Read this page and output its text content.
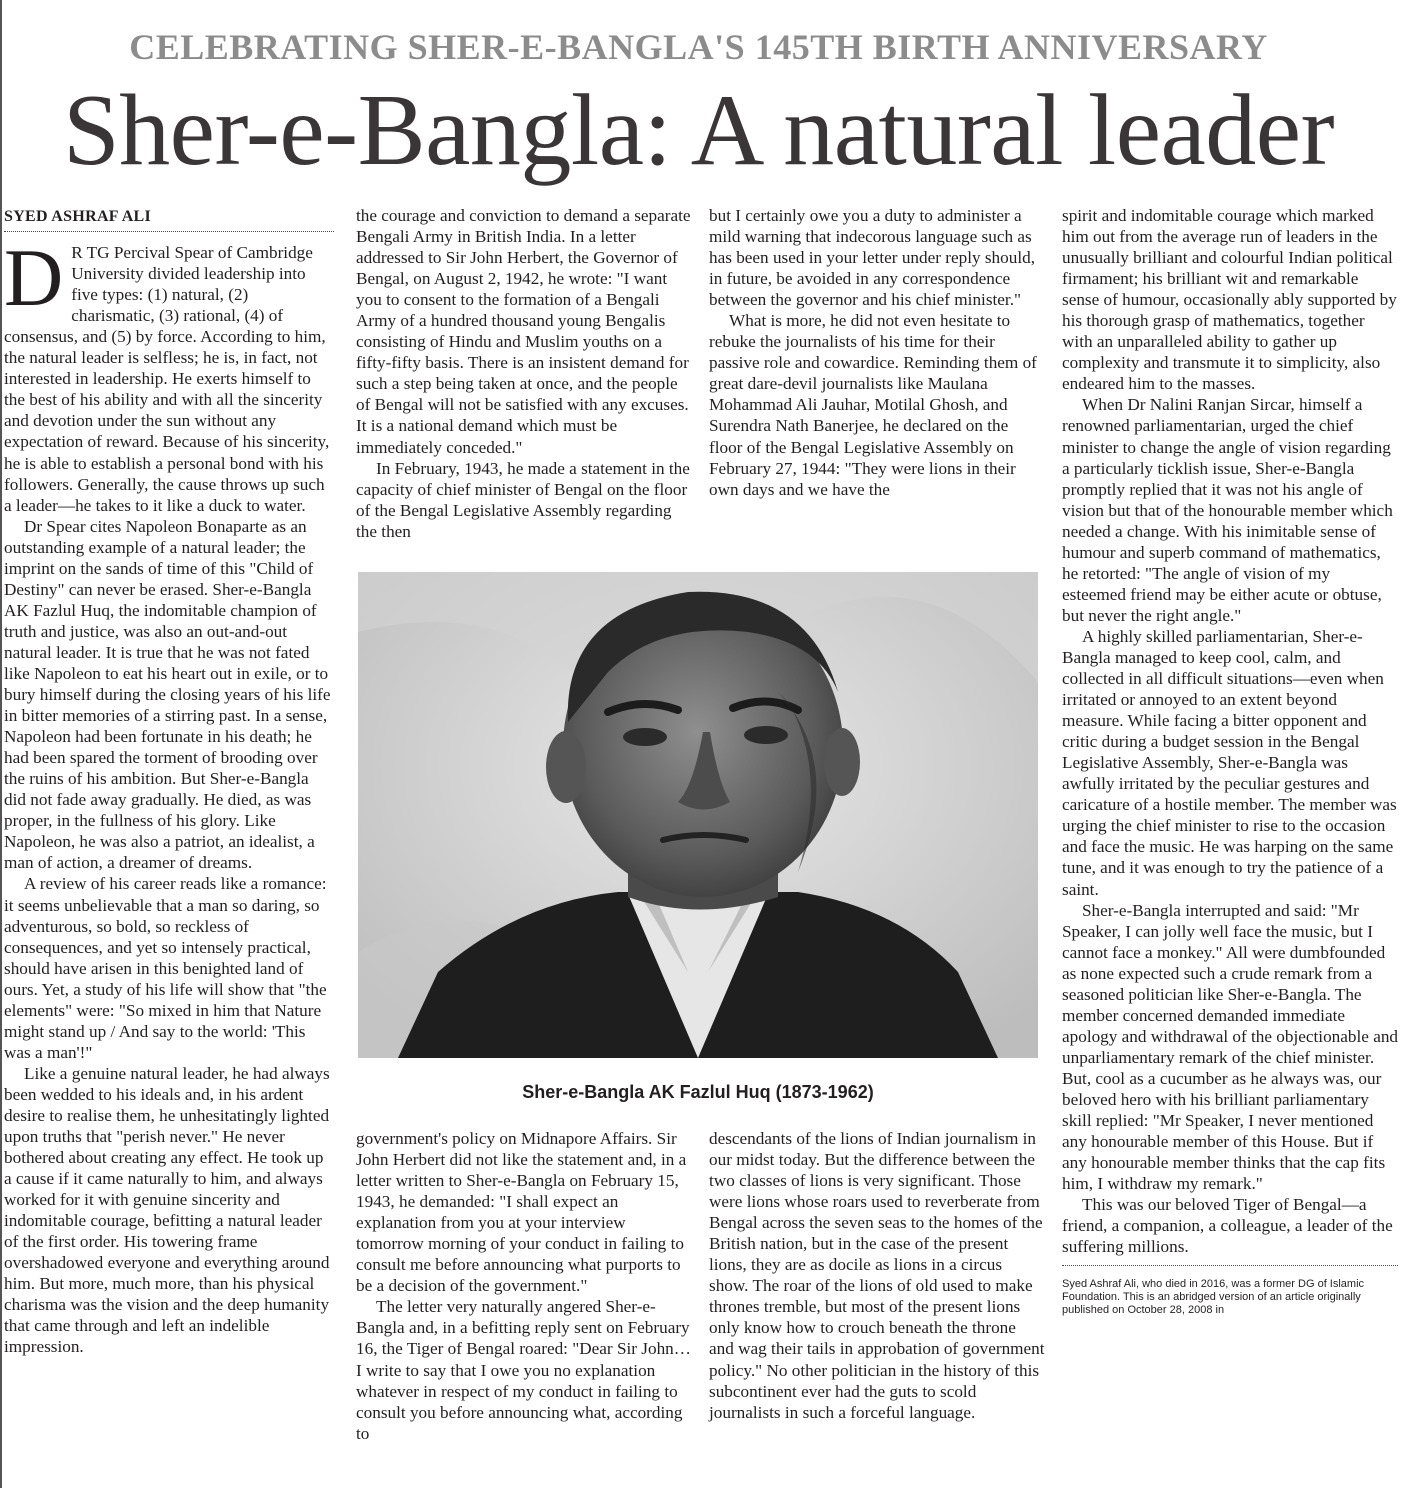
CELEBRATING SHER-E-BANGLA'S 145TH BIRTH ANNIVERSARY
Sher-e-Bangla: A natural leader
SYED ASHRAF ALI

D R TG Percival Spear of Cambridge University divided leadership into five types: (1) natural, (2) charismatic, (3) rational, (4) of consensus, and (5) by force. According to him, the natural leader is selfless; he is, in fact, not interested in leadership. He exerts himself to the best of his ability and with all the sincerity and devotion under the sun without any expectation of reward. Because of his sincerity, he is able to establish a personal bond with his followers. Generally, the cause throws up such a leader—he takes to it like a duck to water.

Dr Spear cites Napoleon Bonaparte as an outstanding example of a natural leader; the imprint on the sands of time of this "Child of Destiny" can never be erased. Sher-e-Bangla AK Fazlul Huq, the indomitable champion of truth and justice, was also an out-and-out natural leader. It is true that he was not fated like Napoleon to eat his heart out in exile, or to bury himself during the closing years of his life in bitter memories of a stirring past. In a sense, Napoleon had been fortunate in his death; he had been spared the torment of brooding over the ruins of his ambition. But Sher-e-Bangla did not fade away gradually. He died, as was proper, in the fullness of his glory. Like Napoleon, he was also a patriot, an idealist, a man of action, a dreamer of dreams.

A review of his career reads like a romance: it seems unbelievable that a man so daring, so adventurous, so bold, so reckless of consequences, and yet so intensely practical, should have arisen in this benighted land of ours. Yet, a study of his life will show that "the elements" were: "So mixed in him that Nature might stand up / And say to the world: 'This was a man'!"

Like a genuine natural leader, he had always been wedded to his ideals and, in his ardent desire to realise them, he unhesitatingly lighted upon truths that "perish never." He never bothered about creating any effect. He took up a cause if it came naturally to him, and always worked for it with genuine sincerity and indomitable courage, befitting a natural leader of the first order. His towering frame overshadowed everyone and everything around him. But more, much more, than his physical charisma was the vision and the deep humanity that came through and left an indelible impression.

the courage and conviction to demand a separate Bengali Army in British India. In a letter addressed to Sir John Herbert, the Governor of Bengal, on August 2, 1942, he wrote: "I want you to consent to the formation of a Bengali Army of a hundred thousand young Bengalis consisting of Hindu and Muslim youths on a fifty-fifty basis. There is an insistent demand for such a step being taken at once, and the people of Bengal will not be satisfied with any excuses. It is a national demand which must be immediately conceded."

In February, 1943, he made a statement in the capacity of chief minister of Bengal on the floor of the Bengal Legislative Assembly regarding the then

but I certainly owe you a duty to administer a mild warning that indecorous language such as has been used in your letter under reply should, in future, be avoided in any correspondence between the governor and his chief minister."

What is more, he did not even hesitate to rebuke the journalists of his time for their passive role and cowardice. Reminding them of great dare-devil journalists like Maulana Mohammad Ali Jauhar, Motilal Ghosh, and Surendra Nath Banerjee, he declared on the floor of the Bengal Legislative Assembly on February 27, 1944: "They were lions in their own days and we have the

Sher-e-Bangla AK Fazlul Huq (1873-1962)

government's policy on Midnapore Affairs. Sir John Herbert did not like the statement and, in a letter written to Sher-e-Bangla on February 15, 1943, he demanded: "I shall expect an explanation from you at your interview tomorrow morning of your conduct in failing to consult me before announcing what purports to be a decision of the government."

The letter very naturally angered Sher-e-Bangla and, in a befitting reply sent on February 16, the Tiger of Bengal roared: "Dear Sir John…I write to say that I owe you no explanation whatever in respect of my conduct in failing to consult you before announcing what, according to

descendants of the lions of Indian journalism in our midst today. But the difference between the two classes of lions is very significant. Those were lions whose roars used to reverberate from Bengal across the seven seas to the homes of the British nation, but in the case of the present lions, they are as docile as lions in a circus show. The roar of the lions of old used to make thrones tremble, but most of the present lions only know how to crouch beneath the throne and wag their tails in approbation of government policy." No other politician in the history of this subcontinent ever had the guts to scold journalists in such a forceful language.

spirit and indomitable courage which marked him out from the average run of leaders in the unusually brilliant and colourful Indian political firmament; his brilliant wit and remarkable sense of humour, occasionally ably supported by his thorough grasp of mathematics, together with an unparalleled ability to gather up complexity and transmute it to simplicity, also endeared him to the masses.

When Dr Nalini Ranjan Sircar, himself a renowned parliamentarian, urged the chief minister to change the angle of vision regarding a particularly ticklish issue, Sher-e-Bangla promptly replied that it was not his angle of vision but that of the honourable member which needed a change. With his inimitable sense of humour and superb command of mathematics, he retorted: "The angle of vision of my esteemed friend may be either acute or obtuse, but never the right angle."

A highly skilled parliamentarian, Sher-e-Bangla managed to keep cool, calm, and collected in all difficult situations—even when irritated or annoyed to an extent beyond measure. While facing a bitter opponent and critic during a budget session in the Bengal Legislative Assembly, Sher-e-Bangla was awfully irritated by the peculiar gestures and caricature of a hostile member. The member was urging the chief minister to rise to the occasion and face the music. He was harping on the same tune, and it was enough to try the patience of a saint.

Sher-e-Bangla interrupted and said: "Mr Speaker, I can jolly well face the music, but I cannot face a monkey." All were dumbfounded as none expected such a crude remark from a seasoned politician like Sher-e-Bangla. The member concerned demanded immediate apology and withdrawal of the objectionable and unparliamentary remark of the chief minister. But, cool as a cucumber as he always was, our beloved hero with his brilliant parliamentary skill replied: "Mr Speaker, I never mentioned any honourable member of this House. But if any honourable member thinks that the cap fits him, I withdraw my remark."

This was our beloved Tiger of Bengal—a friend, a companion, a colleague, a leader of the suffering millions.

Syed Ashraf Ali, who died in 2016, was a former DG of Islamic Foundation. This is an abridged version of an article originally published on October 28, 2008 in
